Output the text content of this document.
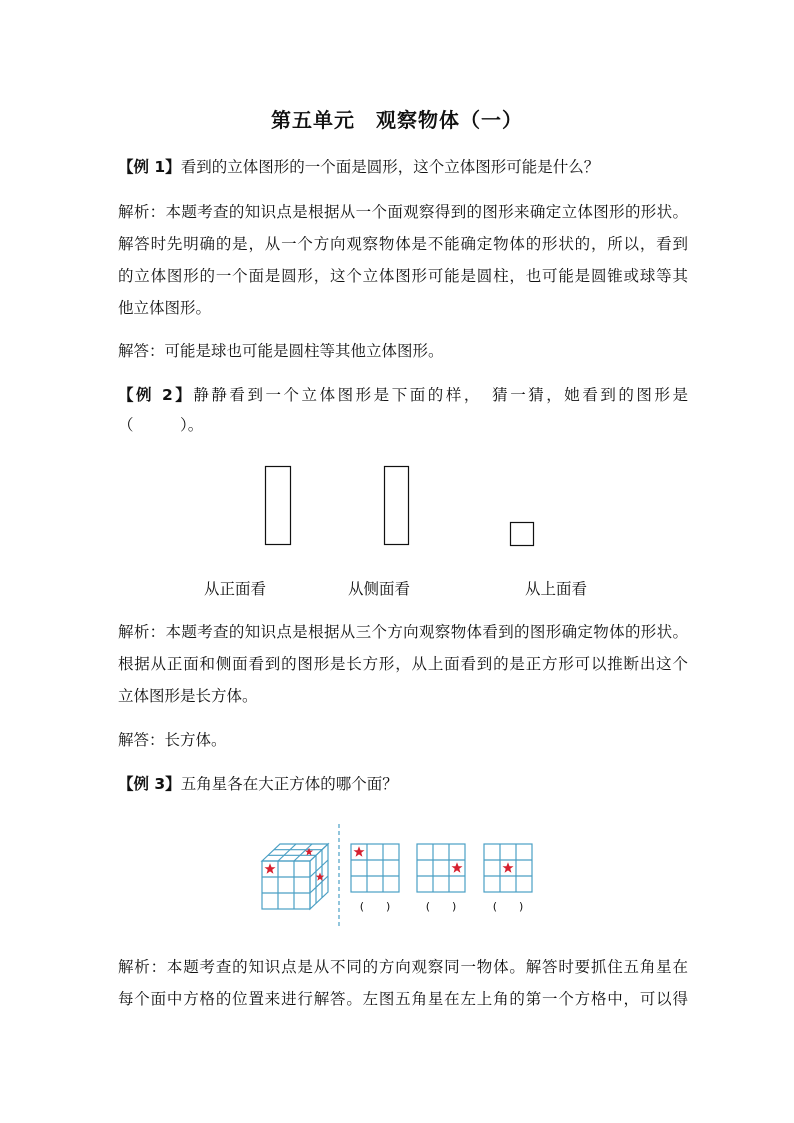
第五单元　观察物体（一）
【例 1】看到的立体图形的一个面是圆形，这个立体图形可能是什么？
解析：本题考查的知识点是根据从一个面观察得到的图形来确定立体图形的形状。
解答时先明确的是，从一个方向观察物体是不能确定物体的形状的，所以，看到
的立体图形的一个面是圆形，这个立体图形可能是圆柱，也可能是圆锥或球等其
他立体图形。
解答：可能是球也可能是圆柱等其他立体图形。
【例 2】静静看到一个立体图形是下面的样，　猜一猜，她看到的图形是
（　　　）。
从正面看	从侧面看	从上面看
解析：本题考查的知识点是根据从三个方向观察物体看到的图形确定物体的形状。
根据从正面和侧面看到的图形是长方形，从上面看到的是正方形可以推断出这个
立体图形是长方体。
解答：长方体。
【例 3】五角星各在大正方体的哪个面？
(　　)	(　　)	(　　)
解析：本题考查的知识点是从不同的方向观察同一物体。解答时要抓住五角星在
每个面中方格的位置来进行解答。左图五角星在左上角的第一个方格中，可以得
